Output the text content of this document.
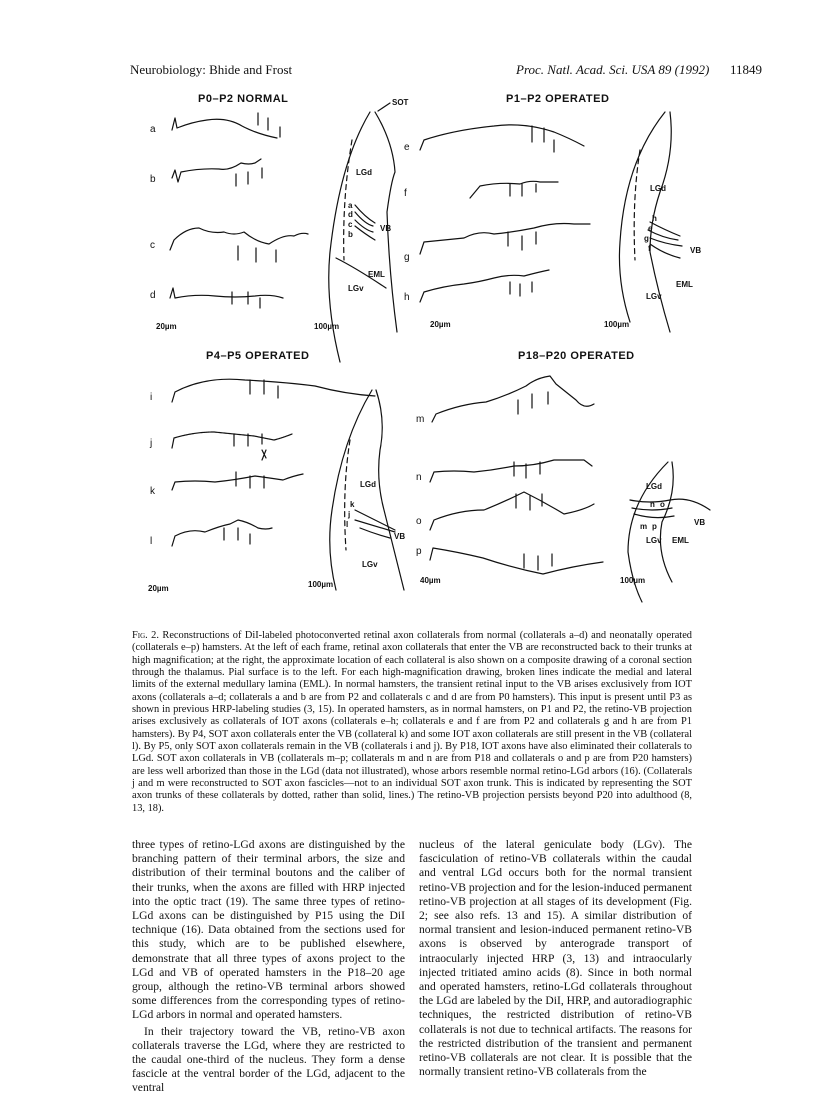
Neurobiology: Bhide and Frost	Proc. Natl. Acad. Sci. USA 89 (1992) 11849
P0–P2 NORMAL	P1–P2 OPERATED
P4–P5 OPERATED	P18–P20 OPERATED
a
b
c
d
20µm	100µm
SOT
LGd
a
d
c
b
VB
EML
LGv
e
f
g
h
20µm	100µm
LGd
h
e
g
f	VB
EML
LGv
i
j
k
l
20µm	100µm
LGd
k
j
l
VB
LGv
m
n
o
p
40µm	100µm
LGd
n o
p
m	VB
LGv EML
Fig. 2. Reconstructions of DiI-labeled photoconverted retinal axon collaterals from normal (collaterals a–d) and neonatally operated (collaterals e–p) hamsters. At the left of each frame, retinal axon collaterals that enter the VB are reconstructed back to their trunks at high magnification; at the right, the approximate location of each collateral is also shown on a composite drawing of a coronal section through the thalamus. Pial surface is to the left. For each high-magnification drawing, broken lines indicate the medial and lateral limits of the external medullary lamina (EML). In normal hamsters, the transient retinal input to the VB arises exclusively from IOT axons (collaterals a–d; collaterals a and b are from P2 and collaterals c and d are from P0 hamsters). This input is present until P3 as shown in previous HRP-labeling studies (3, 15). In operated hamsters, as in normal hamsters, on P1 and P2, the retino-VB projection arises exclusively as collaterals of IOT axons (collaterals e–h; collaterals e and f are from P2 and collaterals g and h are from P1 hamsters). By P4, SOT axon collaterals enter the VB (collateral k) and some IOT axon collaterals are still present in the VB (collateral l). By P5, only SOT axon collaterals remain in the VB (collaterals i and j). By P18, IOT axons have also eliminated their collaterals to LGd. SOT axon collaterals in VB (collaterals m–p; collaterals m and n are from P18 and collaterals o and p are from P20 hamsters) are less well arborized than those in the LGd (data not illustrated), whose arbors resemble normal retino-LGd arbors (16). (Collaterals j and m were reconstructed to SOT axon fascicles—not to an individual SOT axon trunk. This is indicated by representing the SOT axon trunks of these collaterals by dotted, rather than solid, lines.) The retino-VB projection persists beyond P20 into adulthood (8, 13, 18).

three types of retino-LGd axons are distinguished by the branching pattern of their terminal arbors, the size and distribution of their terminal boutons and the caliber of their trunks, when the axons are filled with HRP injected into the optic tract (19). The same three types of retino-LGd axons can be distinguished by P15 using the DiI technique (16). Data obtained from the sections used for this study, which are to be published elsewhere, demonstrate that all three types of axons project to the LGd and VB of operated hamsters in the P18–20 age group, although the retino-VB terminal arbors showed some differences from the corresponding types of retino-LGd arbors in normal and operated hamsters.

In their trajectory toward the VB, retino-VB axon collaterals traverse the LGd, where they are restricted to the caudal one-third of the nucleus. They form a dense fascicle at the ventral border of the LGd, adjacent to the ventral

nucleus of the lateral geniculate body (LGv). The fasciculation of retino-VB collaterals within the caudal and ventral LGd occurs both for the normal transient retino-VB projection and for the lesion-induced permanent retino-VB projection at all stages of its development (Fig. 2; see also refs. 13 and 15). A similar distribution of normal transient and lesion-induced permanent retino-VB axons is observed by anterograde transport of intraocularly injected HRP (3, 13) and intraocularly injected tritiated amino acids (8). Since in both normal and operated hamsters, retino-LGd collaterals throughout the LGd are labeled by the DiI, HRP, and autoradiographic techniques, the restricted distribution of retino-VB collaterals is not due to technical artifacts. The reasons for the restricted distribution of the transient and permanent retino-VB collaterals are not clear. It is possible that the normally transient retino-VB collaterals from the
